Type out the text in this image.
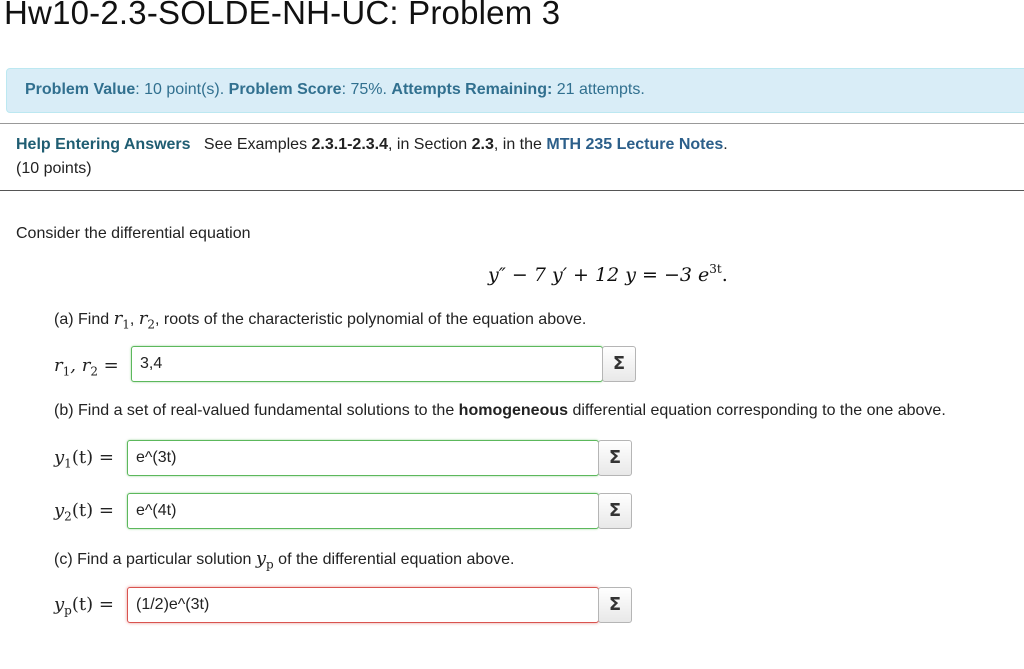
Hw10-2.3-SOLDE-NH-UC: Problem 3
Problem Value: 10 point(s). Problem Score: 75%. Attempts Remaining: 21 attempts.
Help Entering Answers See Examples 2.3.1-2.3.4, in Section 2.3, in the MTH 235 Lecture Notes.
(10 points)
Consider the differential equation
y″ − 7 y′ + 12 y = −3 $e^{3t}$.
(a) Find $r_1$, $r_2$, roots of the characteristic polynomial of the equation above.
$r_1$, $r_2$ =	3,4	Σ
(b) Find a set of real-valued fundamental solutions to the homogeneous differential equation corresponding to the one above.
$y_1(t)$ =	e^(3t)	Σ
$y_2(t)$ =	e^(4t)	Σ
(c) Find a particular solution $y_p$ of the differential equation above.
$y_p(t)$ =	(1/2)e^(3t)	Σ
